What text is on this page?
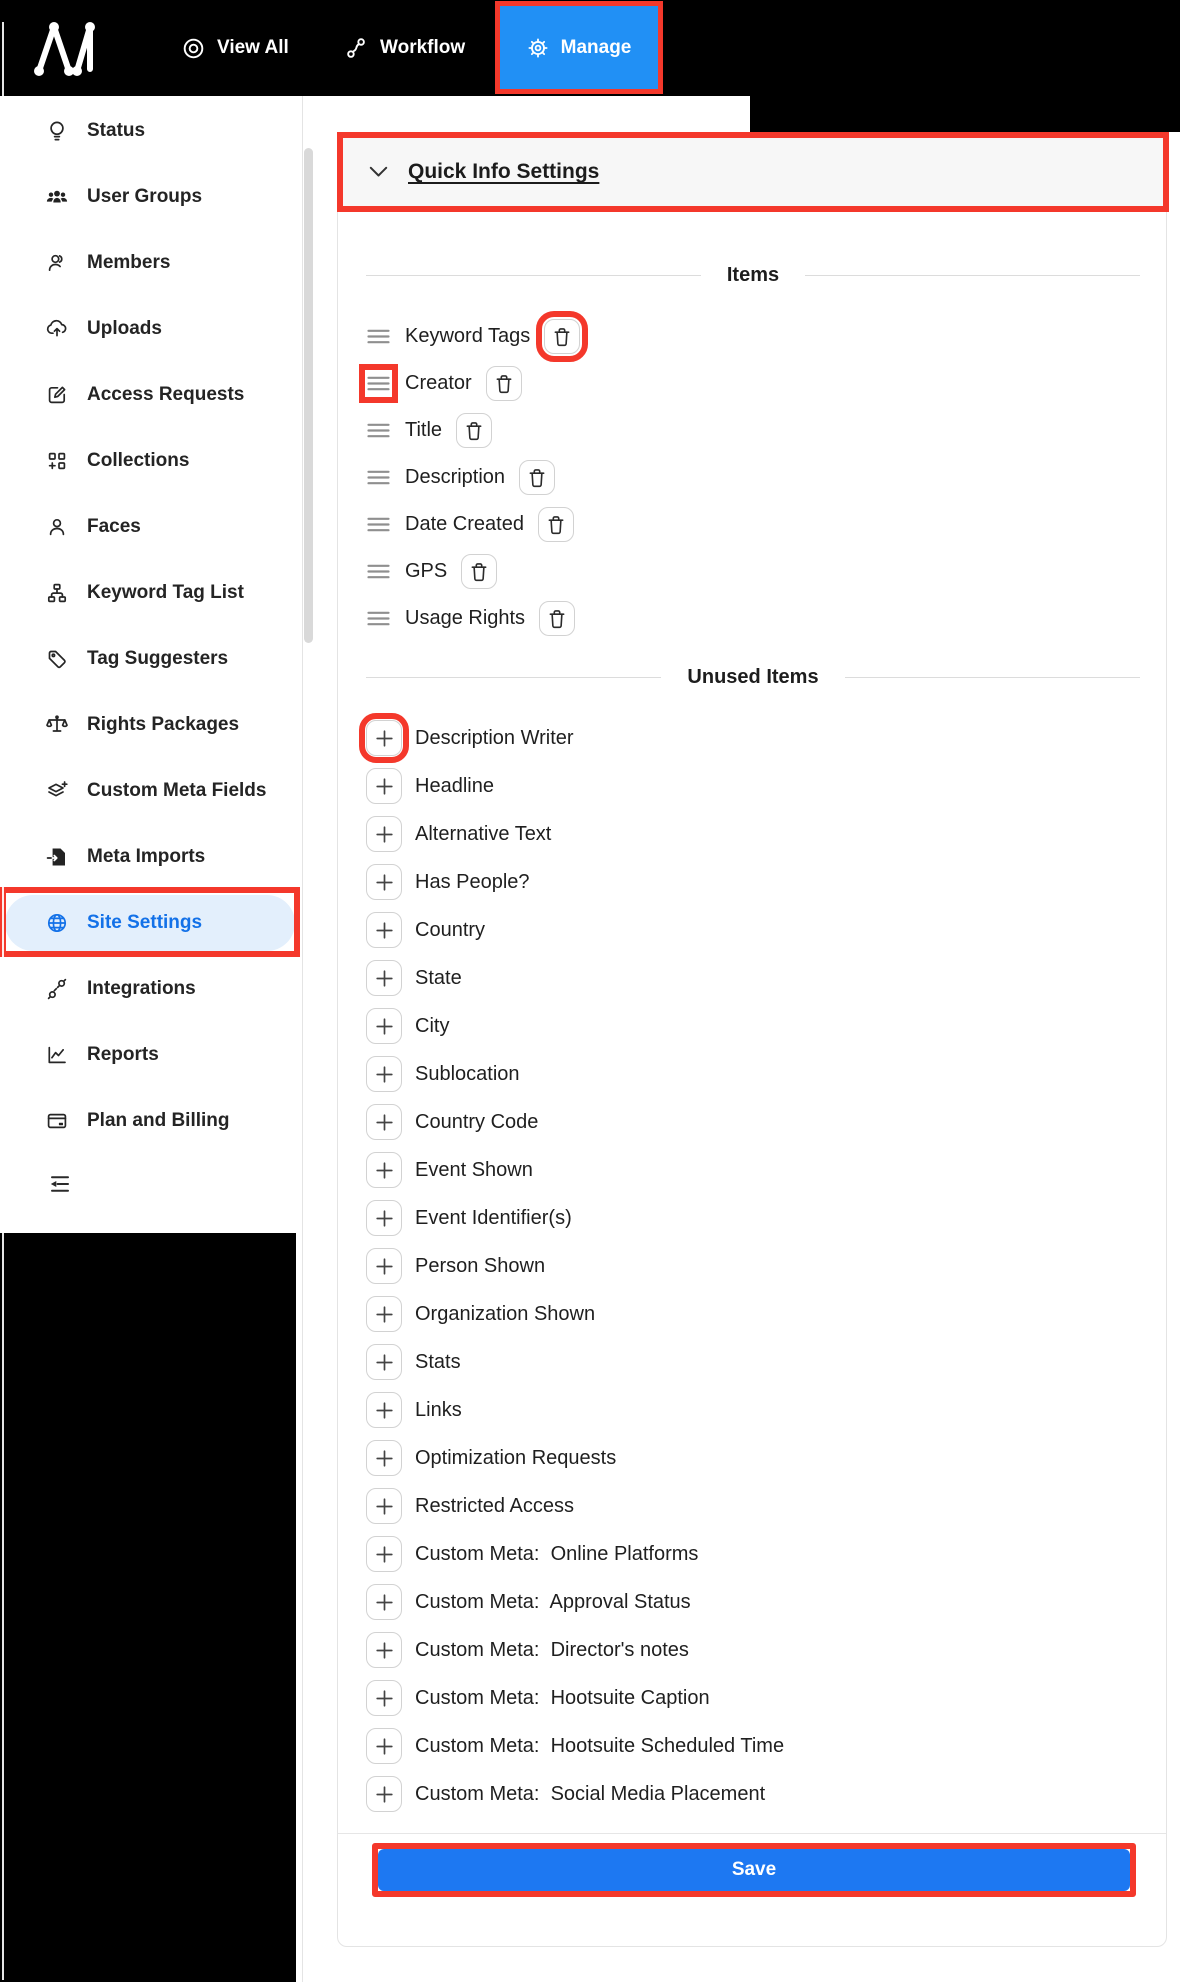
View All	Workflow	Manage
Status
User Groups
Members
Uploads
Access Requests
Collections
Faces
Keyword Tag List
Tag Suggesters
Rights Packages
Custom Meta Fields
Meta Imports
Site Settings
Integrations
Reports
Plan and Billing
Quick Info Settings
Items
Keyword Tags
Creator
Title
Description
Date Created
GPS
Usage Rights
Unused Items
Description Writer
Headline
Alternative Text
Has People?
Country
State
City
Sublocation
Country Code
Event Shown
Event Identifier(s)
Person Shown
Organization Shown
Stats
Links
Optimization Requests
Restricted Access
Custom Meta:  Online Platforms
Custom Meta:  Approval Status
Custom Meta:  Director's notes
Custom Meta:  Hootsuite Caption
Custom Meta:  Hootsuite Scheduled Time
Custom Meta:  Social Media Placement
Save
